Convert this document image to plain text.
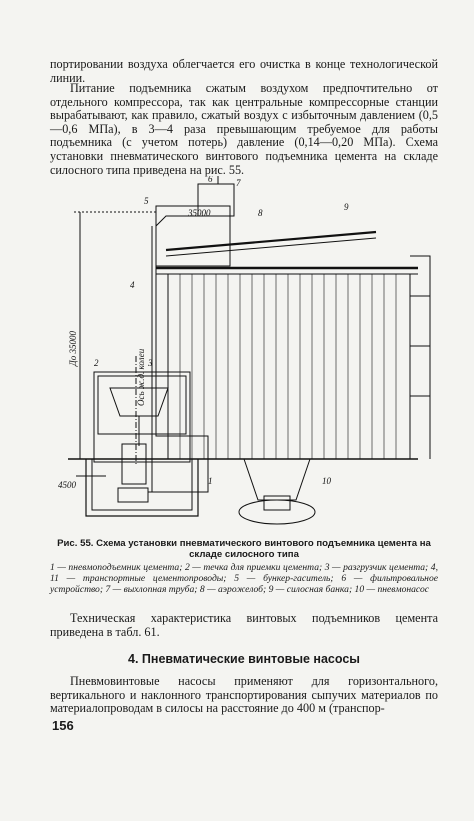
портировании воздуха облегчается его очистка в конце технологической линии.
Питание подъемника сжатым воздухом предпочтительно от отдельного компрессора, так как центральные компрессорные станции вырабатывают, как правило, сжатый воздух с избыточным давлением (0,5—0,6 МПа), в 3—4 раза превышающим требуемое для работы подъемника (с учетом потерь) давление (0,14—0,20 МПа). Схема установки пневматического винтового подъемника цемента на складе силосного типа приведена на рис. 55.
5
6	7
8
9
4
2	3
1	10
35000
4500
До 35000
Ось ж.д. колеи
Рис. 55. Схема установки пневматического винтового подъемника цемента на складе силосного типа
1 — пневмоподъемник цемента; 2 — течка для приемки цемента; 3 — разгрузчик цемента; 4, 11 — транспортные цементопроводы; 5 — бункер-гаситель; 6 — фильтровальное устройство; 7 — выхлопная труба; 8 — аэрожелоб; 9 — силосная банка; 10 — пневмонасос
Техническая характеристика винтовых подъемников цемента приведена в табл. 61.
4. Пневматические винтовые насосы
Пневмовинтовые насосы применяют для горизонтального, вертикального и наклонного транспортирования сыпучих материалов по материалопроводам в силосы на расстояние до 400 м (транспор-
156
